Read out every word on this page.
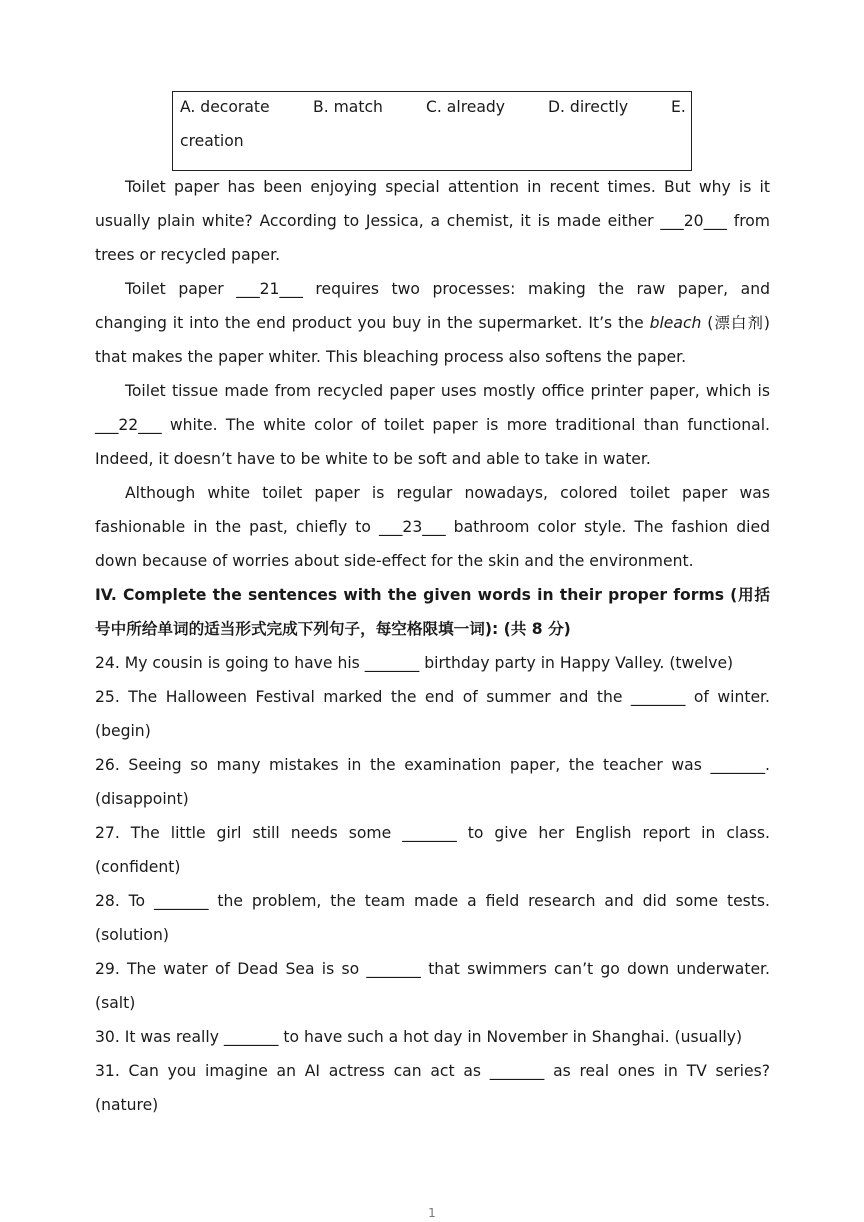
A. decorate	B. match	C. already	D. directly	E.
creation

Toilet paper has been enjoying special attention in recent times. But why is it usually plain white? According to Jessica, a chemist, it is made either ___20___ from trees or recycled paper.

Toilet paper ___21___ requires two processes: making the raw paper, and changing it into the end product you buy in the supermarket. It’s the bleach (漂白剂) that makes the paper whiter. This bleaching process also softens the paper.

Toilet tissue made from recycled paper uses mostly office printer paper, which is ___22___ white. The white color of toilet paper is more traditional than functional. Indeed, it doesn’t have to be white to be soft and able to take in water.

Although white toilet paper is regular nowadays, colored toilet paper was fashionable in the past, chiefly to ___23___ bathroom color style. The fashion died down because of worries about side-effect for the skin and the environment.

IV. Complete the sentences with the given words in their proper forms (用括号中所给单词的适当形式完成下列句子，每空格限填一词): (共 8 分)

24. My cousin is going to have his _______ birthday party in Happy Valley. (twelve)

25. The Halloween Festival marked the end of summer and the _______ of winter. (begin)

26. Seeing so many mistakes in the examination paper, the teacher was _______. (disappoint)

27. The little girl still needs some _______ to give her English report in class. (confident)

28. To _______ the problem, the team made a field research and did some tests. (solution)

29. The water of Dead Sea is so _______ that swimmers can’t go down underwater. (salt)

30. It was really _______ to have such a hot day in November in Shanghai. (usually)

31. Can you imagine an AI actress can act as _______ as real ones in TV series? (nature)

1
